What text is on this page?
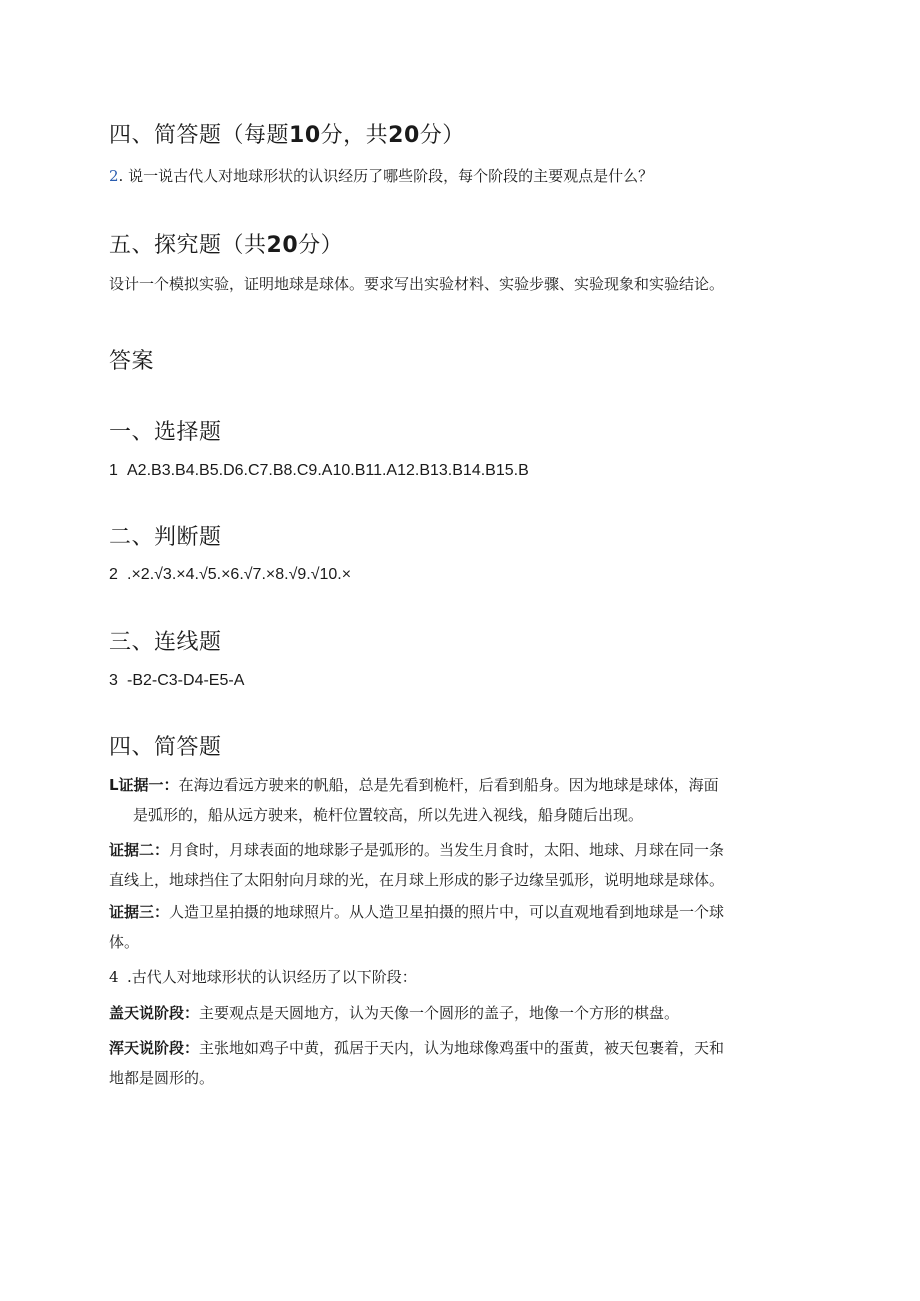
四、简答题（每题10分，共20分）
2. 说一说古代人对地球形状的认识经历了哪些阶段，每个阶段的主要观点是什么？
五、探究题（共20分）
设计一个模拟实验，证明地球是球体。要求写出实验材料、实验步骤、实验现象和实验结论。
答案
一、选择题
1 A2.B3.B4.B5.D6.C7.B8.C9.A10.B11.A12.B13.B14.B15.B
二、判断题
2 .×2.√3.×4.√5.×6.√7.×8.√9.√10.×
三、连线题
3 -B2-C3-D4-E5-A
四、简答题
L证据一：在海边看远方驶来的帆船，总是先看到桅杆，后看到船身。因为地球是球体，海面
是弧形的，船从远方驶来，桅杆位置较高，所以先进入视线，船身随后出现。
证据二：月食时，月球表面的地球影子是弧形的。当发生月食时，太阳、地球、月球在同一条
直线上，地球挡住了太阳射向月球的光，在月球上形成的影子边缘呈弧形，说明地球是球体。
证据三：人造卫星拍摄的地球照片。从人造卫星拍摄的照片中，可以直观地看到地球是一个球
体。
4 .古代人对地球形状的认识经历了以下阶段：
盖天说阶段：主要观点是天圆地方，认为天像一个圆形的盖子，地像一个方形的棋盘。
浑天说阶段：主张地如鸡子中黄，孤居于天内，认为地球像鸡蛋中的蛋黄，被天包裹着，天和
地都是圆形的。
